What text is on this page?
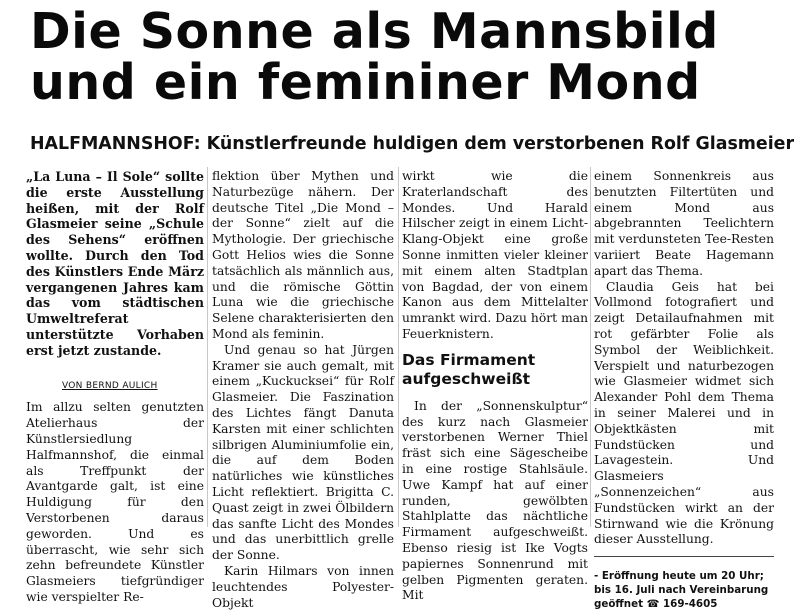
Die Sonne als Mannsbild
und ein femininer Mond
HALFMANNSHOF: Künstlerfreunde huldigen dem verstorbenen Rolf Glasmeier

„La Luna – Il Sole“ sollte die erste Ausstellung heißen, mit der Rolf Glasmeier seine „Schule des Sehens“ eröffnen wollte. Durch den Tod des Künstlers Ende März vergangenen Jahres kam das vom städtischen Umweltreferat unterstützte Vorhaben erst jetzt zustande.

VON BERND AULICH

Im allzu selten genutzten Atelierhaus der Künstlersiedlung Halfmannshof, die einmal als Treffpunkt der Avantgarde galt, ist eine Huldigung für den Verstorbenen daraus geworden. Und es überrascht, wie sehr sich zehn befreundete Künstler Glasmeiers tiefgründiger wie verspielter Re-

flektion über Mythen und Naturbezüge nähern. Der deutsche Titel „Die Mond – der Sonne“ zielt auf die Mythologie. Der griechische Gott Helios wies die Sonne tatsächlich als männlich aus, und die römische Göttin Luna wie die griechische Selene charakterisierten den Mond als feminin.

Und genau so hat Jürgen Kramer sie auch gemalt, mit einem „Kuckucksei“ für Rolf Glasmeier. Die Faszination des Lichtes fängt Danuta Karsten mit einer schlichten silbrigen Aluminiumfolie ein, die auf dem Boden natürliches wie künstliches Licht reflektiert. Brigitta C. Quast zeigt in zwei Ölbildern das sanfte Licht des Mondes und das unerbittlich grelle der Sonne.

Karin Hilmars von innen leuchtendes Polyester-Objekt

wirkt wie die Kraterlandschaft des Mondes. Und Harald Hilscher zeigt in einem Licht-Klang-Objekt eine große Sonne inmitten vieler kleiner mit einem alten Stadtplan von Bagdad, der von einem Kanon aus dem Mittelalter umrankt wird. Dazu hört man Feuerknistern.

Das Firmament
aufgeschweißt

In der „Sonnenskulptur“ des kurz nach Glasmeier verstorbenen Werner Thiel fräst sich eine Sägescheibe in eine rostige Stahlsäule. Uwe Kampf hat auf einer runden, gewölbten Stahlplatte das nächtliche Firmament aufgeschweißt. Ebenso riesig ist Ike Vogts papiernes Sonnenrund mit gelben Pigmenten geraten. Mit

einem Sonnenkreis aus benutzten Filtertüten und einem Mond aus abgebrannten Teelichtern mit verdunsteten Tee-Resten variiert Beate Hagemann apart das Thema.

Claudia Geis hat bei Vollmond fotografiert und zeigt Detailaufnahmen mit rot gefärbter Folie als Symbol der Weiblichkeit. Verspielt und naturbezogen wie Glasmeier widmet sich Alexander Pohl dem Thema in seiner Malerei und in Objektkästen mit Fundstücken und Lavagestein. Und Glasmeiers „Sonnenzeichen“ aus Fundstücken wirkt an der Stirnwand wie die Krönung dieser Ausstellung.

- Eröffnung heute um 20 Uhr; bis 16. Juli nach Vereinbarung geöffnet ☎ 169-4605
